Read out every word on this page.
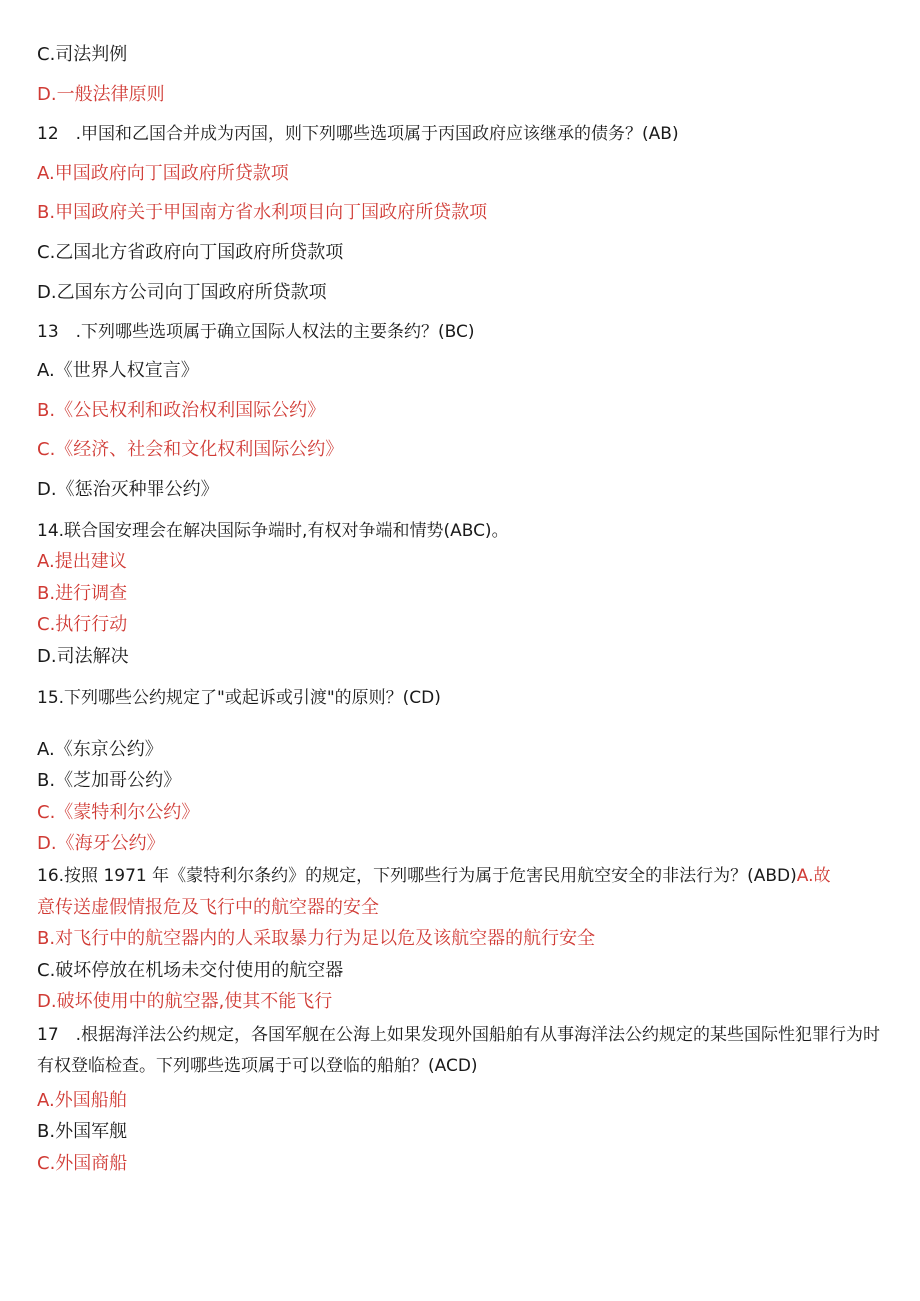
C.司法判例
D.一般法律原则
12　.甲国和乙国合并成为丙国，则下列哪些选项属于丙国政府应该继承的债务？(AB)
A.甲国政府向丁国政府所贷款项
B.甲国政府关于甲国南方省水利项目向丁国政府所贷款项
C.乙国北方省政府向丁国政府所贷款项
D.乙国东方公司向丁国政府所贷款项
13　.下列哪些选项属于确立国际人权法的主要条约？(BC)
A.《世界人权宣言》
B.《公民权利和政治权利国际公约》
C.《经济、社会和文化权利国际公约》
D.《惩治灭种罪公约》
14.联合国安理会在解决国际争端时,有权对争端和情势(ABC)。
A.提出建议
B.进行调查
C.执行行动
D.司法解决
15.下列哪些公约规定了"或起诉或引渡"的原则？(CD)
A.《东京公约》
B.《芝加哥公约》
C.《蒙特利尔公约》
D.《海牙公约》
16.按照 1971 年《蒙特利尔条约》的规定，下列哪些行为属于危害民用航空安全的非法行为？(ABD)A.故
意传送虚假情报危及飞行中的航空器的安全
B.对飞行中的航空器内的人采取暴力行为足以危及该航空器的航行安全
C.破坏停放在机场未交付使用的航空器
D.破坏使用中的航空器,使其不能飞行
17　.根据海洋法公约规定，各国军舰在公海上如果发现外国船舶有从事海洋法公约规定的某些国际性犯罪行为时有权登临检查。下列哪些选项属于可以登临的船舶？(ACD)
A.外国船舶
B.外国军舰
C.外国商船
